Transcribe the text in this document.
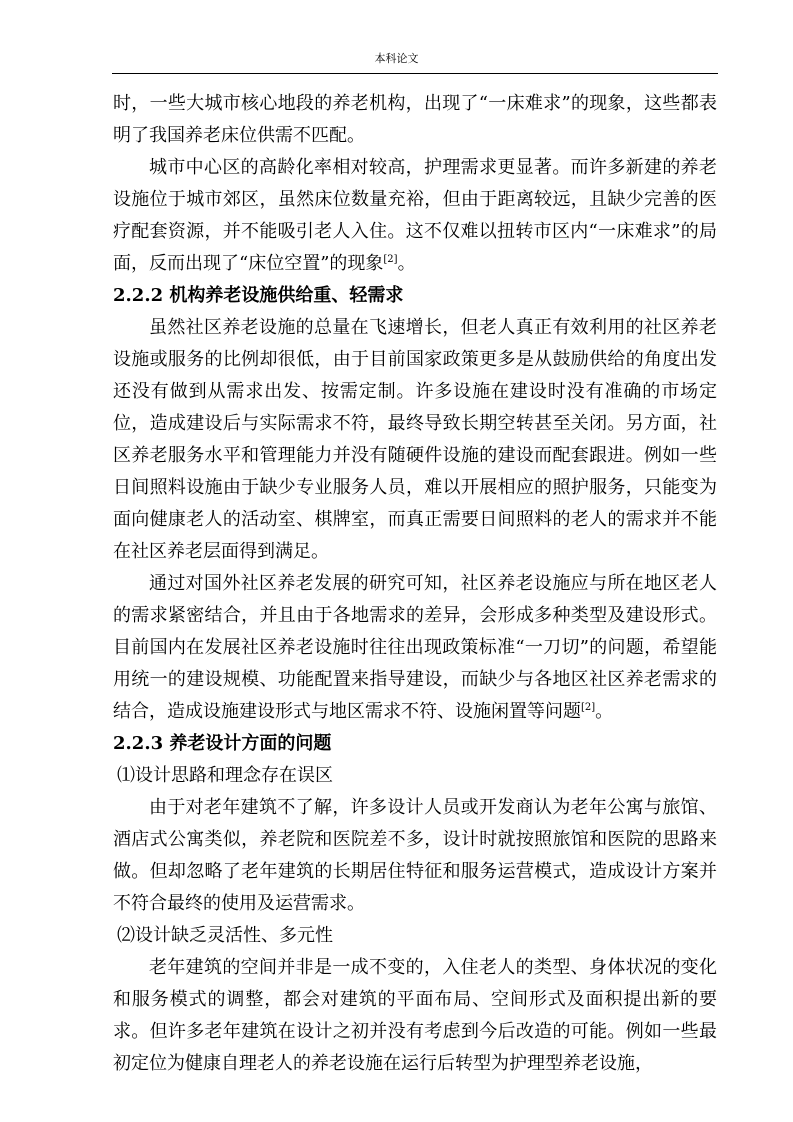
本科论文

时，一些大城市核心地段的养老机构，出现了“一床难求”的现象，这些都表明了我国养老床位供需不匹配。

城市中心区的高龄化率相对较高，护理需求更显著。而许多新建的养老设施位于城市郊区，虽然床位数量充裕，但由于距离较远，且缺少完善的医疗配套资源，并不能吸引老人入住。这不仅难以扭转市区内“一床难求”的局面，反而出现了“床位空置”的现象[2]。

2.2.2 机构养老设施供给重、轻需求

虽然社区养老设施的总量在飞速增长，但老人真正有效利用的社区养老设施或服务的比例却很低，由于目前国家政策更多是从鼓励供给的角度出发还没有做到从需求出发、按需定制。许多设施在建设时没有准确的市场定位，造成建设后与实际需求不符，最终导致长期空转甚至关闭。另方面，社区养老服务水平和管理能力并没有随硬件设施的建设而配套跟进。例如一些日间照料设施由于缺少专业服务人员，难以开展相应的照护服务，只能变为面向健康老人的活动室、棋牌室，而真正需要日间照料的老人的需求并不能在社区养老层面得到满足。

通过对国外社区养老发展的研究可知，社区养老设施应与所在地区老人的需求紧密结合，并且由于各地需求的差异，会形成多种类型及建设形式。目前国内在发展社区养老设施时往往出现政策标准“一刀切”的问题，希望能用统一的建设规模、功能配置来指导建设，而缺少与各地区社区养老需求的结合，造成设施建设形式与地区需求不符、设施闲置等问题[2]。

2.2.3 养老设计方面的问题

⑴设计思路和理念存在误区

由于对老年建筑不了解，许多设计人员或开发商认为老年公寓与旅馆、酒店式公寓类似，养老院和医院差不多，设计时就按照旅馆和医院的思路来做。但却忽略了老年建筑的长期居住特征和服务运营模式，造成设计方案并不符合最终的使用及运营需求。

⑵设计缺乏灵活性、多元性

老年建筑的空间并非是一成不变的，入住老人的类型、身体状况的变化和服务模式的调整，都会对建筑的平面布局、空间形式及面积提出新的要求。但许多老年建筑在设计之初并没有考虑到今后改造的可能。例如一些最初定位为健康自理老人的养老设施在运行后转型为护理型养老设施，
